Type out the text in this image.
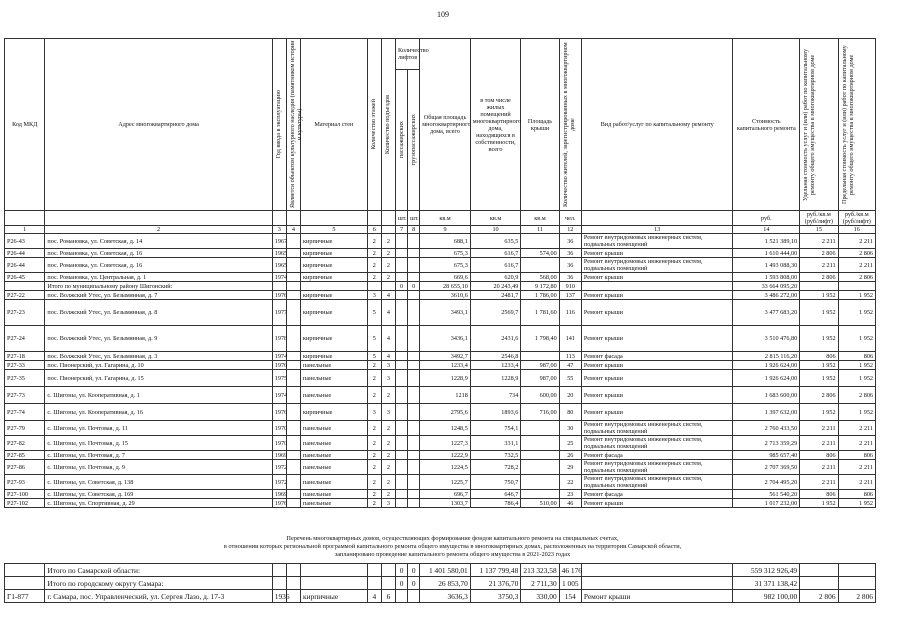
109
Код МКД	Адрес многоквартирного дома	Год ввода в эксплуатацию	Является объектом культурного наследия (памятником истории и культуры)	Материал стен	Количество этажей	Количество подъездов	Количество лифтов		Общая площадь многоквартирного дома, всего	в том числе жилых помещений многоквартирного дома, находящихся в собственности, всего	Площадь крыши	Количество жителей, зарегистрированных в многоквартирном доме	Вид работ/услуг по капитальному ремонту	Стоимость капитального ремонта	Удельная стоимость услуг и (или) работ по капитальному ремонту общего имущества в многоквартирном доме	Предельная стоимость услуг и (или) работ по капитальному ремонту общего имущества в многоквартирном доме

							пассажирских	грузопассажирских								

							шт.	шт.	кв.м	кв.м	кв.м	чел.		руб.	руб./кв.м (руб/лифт)	руб./кв.м (руб/лифт)
1	2	3	4	5	6		7	8	9	10	11	12	13	14	15	16
Р26-43	пос. Романовка, ул. Советская, д. 14	1967		кирпичные	2	2			688,1	635,5		36	Ремонт внутридомовых инженерных систем, подвальных помещений	1 521 389,10	2 211	2 211
Р26-44	пос. Романовка, ул. Советская, д. 16	1965		кирпичные	2	2			675,3	616,7	574,00	36	Ремонт крыши	1 610 444,00	2 806	2 806
Р26-44	пос. Романовка, ул. Советская, д. 16	1965		кирпичные	2	2			675,3	616,7		36	Ремонт внутридомовых инженерных систем, подвальных помещений	1 493 088,30	2 211	2 211
Р26-45	пос. Романовка, ул. Центральная, д. 1	1974		кирпичные	2	2			669,6	620,9	568,00	36	Ремонт крыши	1 593 808,00	2 806	2 806
	Итого по муниципальному району Шигонский:						0	0	28 655,10	20 243,49	9 172,80	910		33 664 095,20		
Р27-22	пос. Волжский Утес, ул. Безымянная, д. 7	1976		кирпичные	3	4			3610,6	2481,7	1 786,00	137	Ремонт крыши	3 486 272,00	1 952	1 952
Р27-23	пос. Волжский Утес, ул. Безымянная, д. 8	1977		кирпичные	5	4			3493,1	2569,7	1 781,60	116	Ремонт крыши	3 477 683,20	1 952	1 952
Р27-24	пос. Волжский Утес, ул. Безымянная, д. 9	1978		кирпичные	5	4			3436,1	2431,6	1 798,40	141	Ремонт крыши	3 510 476,80	1 952	1 952
Р27-18	пос. Волжский Утес, ул. Безымянная, д. 3	1974		кирпичные	5	4			3492,7	2546,8		113	Ремонт фасада	2 815 116,20	806	806
Р27-33	пос. Пионерский, ул. Гагарина, д. 10	1976		панельные	2	3			1233,4	1233,4	987,00	47	Ремонт крыши	1 926 624,00	1 952	1 952
Р27-35	пос. Пионерский, ул. Гагарина, д. 15	1975		панельные	2	3			1228,9	1228,9	987,00	55	Ремонт крыши	1 926 624,00	1 952	1 952
Р27-73	с. Шигоны, ул. Кооперативная, д. 1	1974		панельные	2	2			1218	734	600,00	20	Ремонт крыши	1 683 600,00	2 806	2 806
Р27-74	с. Шигоны, ул. Кооперативная, д. 16	1976		кирпичные	3	3			2795,6	1893,6	716,00	80	Ремонт крыши	1 397 632,00	1 952	1 952
Р27-79	с. Шигоны, ул. Почтовая, д. 11	1970		панельные	2	2			1248,5	754,1		30	Ремонт внутридомовых инженерных систем, подвальных помещений	2 760 433,50	2 211	2 211
Р27-82	с. Шигоны, ул. Почтовая, д. 15	1970		панельные	2	2			1227,3	331,1		25	Ремонт внутридомовых инженерных систем, подвальных помещений	2 713 359,29	2 211	2 211
Р27-85	с. Шигоны, ул. Почтовая, д. 7	1969		панельные	2	2			1222,9	732,5		26	Ремонт фасада	985 657,40	806	806
Р27-86	с. Шигоны, ул. Почтовая, д. 9	1972		панельные	2	2			1224,5	728,2		29	Ремонт внутридомовых инженерных систем, подвальных помещений	2 707 369,50	2 211	2 211
Р27-93	с. Шигоны, ул. Советская, д. 138	1972		панельные	2	2			1225,7	750,7		22	Ремонт внутридомовых инженерных систем, подвальных помещений	2 704 495,20	2 211	2 211
Р27-100	с. Шигоны, ул. Советская, д. 169	1969		панельные	2	2			696,7	646,7		23	Ремонт фасада	561 540,20	806	806
Р27-102	с. Шигоны, ул. Спортивная, д. 29	1976		панельные	2	3			1303,7	786,4	510,00	46	Ремонт крыши	1 017 232,00	1 952	1 952
Перечень многоквартирных домов, осуществляющих формирование фондов капитального ремонта на специальных счетах,
в отношении которых региональной программой капитального ремонта общего имущества в многоквартирных домах, расположенных на территории Самарской области,
запланировано проведение капитального ремонта общего имущества в 2021-2023 годах
	Итого по Самарской области:						0	0	1 401 580,01	1 137 799,48	213 323,58	46 176		559 312 926,49		
	Итого по городскому округу Самара:						0	0	26 853,70	21 376,70	2 711,30	1 005		31 371 138,42		
Г1-877	г. Самара, пос. Управленческий, ул. Сергея Лазо, д. 17-3	1936		кирпичные	4	6			3636,3	3750,3	330,00	154	Ремонт крыши	982 100,00	2 806	2 806
